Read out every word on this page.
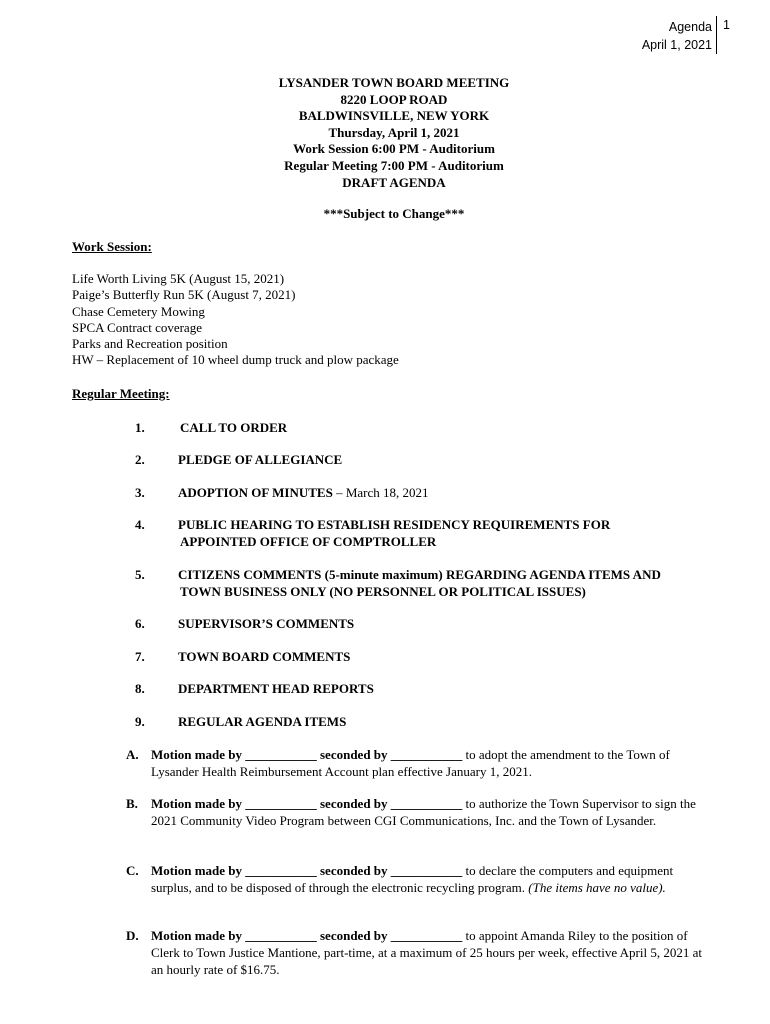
Agenda
April 1, 2021
1
LYSANDER TOWN BOARD MEETING
8220 LOOP ROAD
BALDWINSVILLE, NEW YORK
Thursday, April 1, 2021
Work Session 6:00 PM - Auditorium
Regular Meeting 7:00 PM - Auditorium
DRAFT AGENDA
***Subject to Change***
Work Session:
Life Worth Living 5K (August 15, 2021)
Paige’s Butterfly Run 5K (August 7, 2021)
Chase Cemetery Mowing
SPCA Contract coverage
Parks and Recreation position
HW – Replacement of 10 wheel dump truck and plow package
Regular Meeting:
1.	CALL TO ORDER
2.	PLEDGE OF ALLEGIANCE
3.	ADOPTION OF MINUTES – March 18, 2021
4.	PUBLIC HEARING TO ESTABLISH RESIDENCY REQUIREMENTS FOR
APPOINTED OFFICE OF COMPTROLLER
5.	CITIZENS COMMENTS (5-minute maximum) REGARDING AGENDA ITEMS AND
TOWN BUSINESS ONLY (NO PERSONNEL OR POLITICAL ISSUES)
6.	SUPERVISOR’S COMMENTS
7.	TOWN BOARD COMMENTS
8.	DEPARTMENT HEAD REPORTS
9.	REGULAR AGENDA ITEMS
A. Motion made by ___________ seconded by ___________ to adopt the amendment to the Town of Lysander Health Reimbursement Account plan effective January 1, 2021.
B. Motion made by ___________ seconded by ___________ to authorize the Town Supervisor to sign the 2021 Community Video Program between CGI Communications, Inc. and the Town of Lysander.
C. Motion made by ___________ seconded by ___________ to declare the computers and equipment surplus, and to be disposed of through the electronic recycling program. (The items have no value).
D. Motion made by ___________ seconded by ___________ to appoint Amanda Riley to the position of Clerk to Town Justice Mantione, part-time, at a maximum of 25 hours per week, effective April 5, 2021 at an hourly rate of $16.75.
